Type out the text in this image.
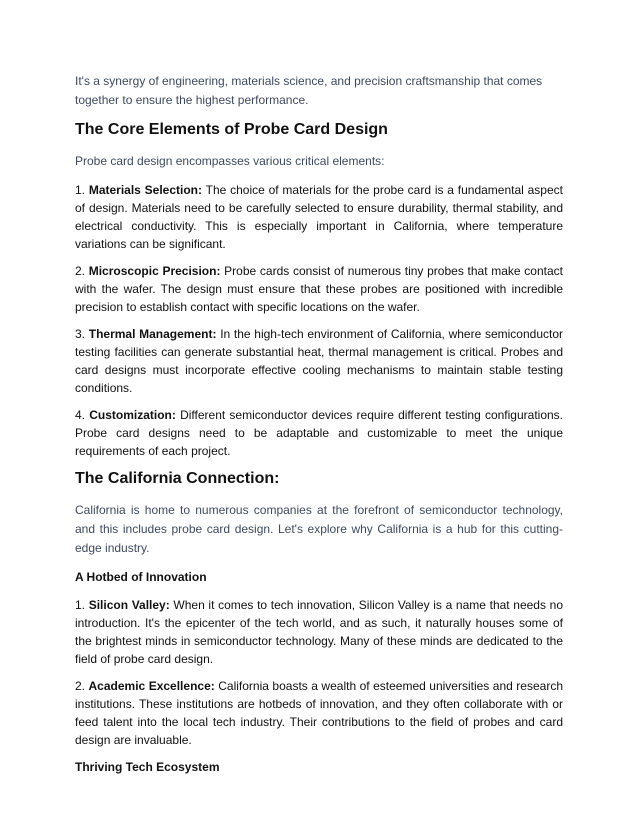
It's a synergy of engineering, materials science, and precision craftsmanship that comes together to ensure the highest performance.

The Core Elements of Probe Card Design

Probe card design encompasses various critical elements:

1. Materials Selection: The choice of materials for the probe card is a fundamental aspect of design. Materials need to be carefully selected to ensure durability, thermal stability, and electrical conductivity. This is especially important in California, where temperature variations can be significant.

2. Microscopic Precision: Probe cards consist of numerous tiny probes that make contact with the wafer. The design must ensure that these probes are positioned with incredible precision to establish contact with specific locations on the wafer.

3. Thermal Management: In the high-tech environment of California, where semiconductor testing facilities can generate substantial heat, thermal management is critical. Probes and card designs must incorporate effective cooling mechanisms to maintain stable testing conditions.

4. Customization: Different semiconductor devices require different testing configurations. Probe card designs need to be adaptable and customizable to meet the unique requirements of each project.

The California Connection:

California is home to numerous companies at the forefront of semiconductor technology, and this includes probe card design. Let's explore why California is a hub for this cutting-edge industry.

A Hotbed of Innovation

1. Silicon Valley: When it comes to tech innovation, Silicon Valley is a name that needs no introduction. It's the epicenter of the tech world, and as such, it naturally houses some of the brightest minds in semiconductor technology. Many of these minds are dedicated to the field of probe card design.

2. Academic Excellence: California boasts a wealth of esteemed universities and research institutions. These institutions are hotbeds of innovation, and they often collaborate with or feed talent into the local tech industry. Their contributions to the field of probes and card design are invaluable.

Thriving Tech Ecosystem
